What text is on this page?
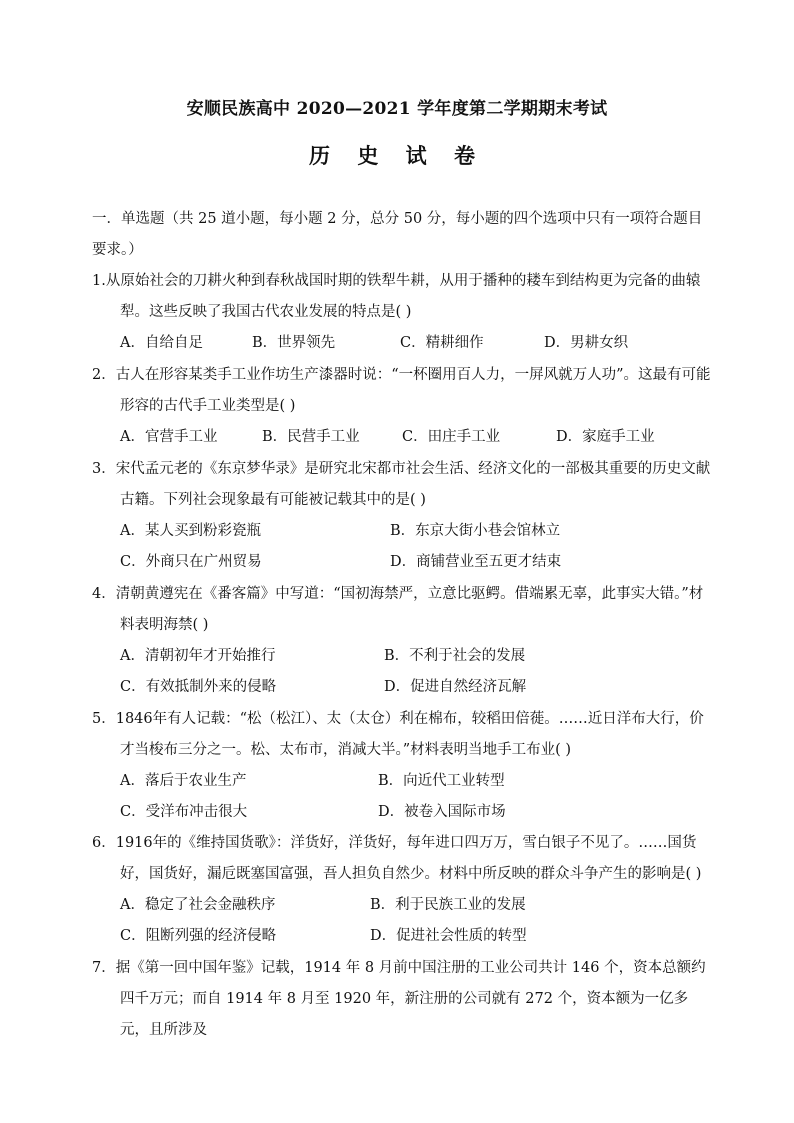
安顺民族高中 2020—2021 学年度第二学期期末考试
历 史 试 卷
一．单选题（共 25 道小题，每小题 2 分，总分 50 分，每小题的四个选项中只有一项符合题目要求。）
1.从原始社会的刀耕火种到春秋战国时期的铁犁牛耕，从用于播种的耧车到结构更为完备的曲辕犁。这些反映了我国古代农业发展的特点是( )
A．自给自足	B．世界领先	C．精耕细作	D．男耕女织
2．古人在形容某类手工业作坊生产漆器时说：“一杯圈用百人力，一屏风就万人功”。这最有可能形容的古代手工业类型是( )
A．官营手工业	B．民营手工业	C．田庄手工业	D．家庭手工业
3．宋代孟元老的《东京梦华录》是研究北宋都市社会生活、经济文化的一部极其重要的历史文献古籍。下列社会现象最有可能被记载其中的是( )
A．某人买到粉彩瓷瓶	B．东京大街小巷会馆林立
C．外商只在广州贸易	D．商铺营业至五更才结束
4．清朝黄遵宪在《番客篇》中写道：“国初海禁严，立意比驱鳄。借端累无辜，此事实大错。”材料表明海禁( )
A．清朝初年才开始推行	B．不利于社会的发展
C．有效抵制外来的侵略	D．促进自然经济瓦解
5．1846年有人记载：“松（松江）、太（太仓）利在棉布，较稻田倍蓰。……近日洋布大行，价才当梭布三分之一。松、太布市，消减大半。”材料表明当地手工布业( )
A．落后于农业生产	B．向近代工业转型
C．受洋布冲击很大	D．被卷入国际市场
6．1916年的《维持国货歌》：洋货好，洋货好，每年进口四万万，雪白银子不见了。……国货好，国货好，漏卮既塞国富强，吾人担负自然少。材料中所反映的群众斗争产生的影响是( )
A．稳定了社会金融秩序	B．利于民族工业的发展
C．阻断列强的经济侵略	D．促进社会性质的转型
7．据《第一回中国年鉴》记载，1914 年 8 月前中国注册的工业公司共计 146 个，资本总额约四千万元；而自 1914 年 8 月至 1920 年，新注册的公司就有 272 个，资本额为一亿多元，且所涉及
